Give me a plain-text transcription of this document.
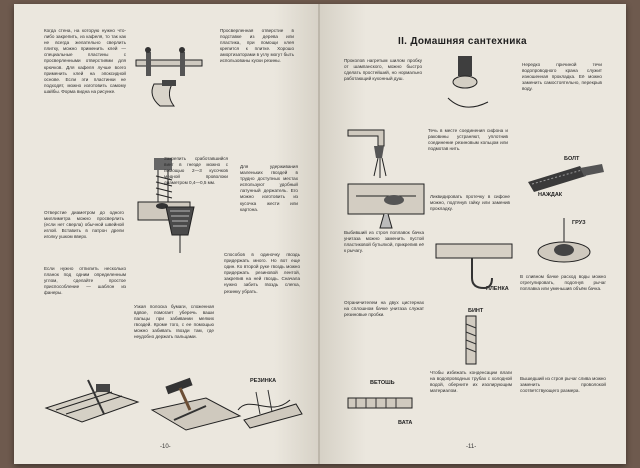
Когда стена, на которую нужно что-либо закрепить, из кафеля, то так как не всегда желательно сверлить плитку, можно применить клей — специальные пластины с просверленными отверстиями для крючков. Для кафеля лучше всего применить клей на эпоксидной основе. Если эти пластинки не подходят, можно изготовить самому шайбы. Форма видна на рисунке.

Просверленная отверстие в подставке из дерева или пластика, при помощи клея крепится к плитке. Хорошо амортизаторами в углу могут быть использованы куски резины.

Закрепить сработавшийся винт в гнезде можно с помощью 2—3 кусочков медной проволоки диаметром 0,4—0,5 мм.

Для удерживания маленьких гвоздей в трудно доступных местах используют удобный латунный держатель. Его можно изготовить из кусочка жести или картона.

Отверстие диаметром до одного миллиметра можно просверлить (если нет сверла) обычной швейной иглой. Вставить в патрон дрели иголку ушком вверх.

Способов в одиночку гвоздь придержать много. Но вот еще один. Ко второй руке гвоздь можно придержать резиновой лентой, закрепив на ней гвоздь. Сначала нужно забить гвоздь слегка, резинку убрать.

Если нужно отпилить несколько планок под одним определенным углом, сделайте простое приспособление — шаблон из фанеры.

Узкая полоска бумаги, сложенная вдвое, помогает уберечь ваши пальцы при забивании мелких гвоздей. Кроме того, с ее помощью можно забивать гвозди там, где неудобно держать пальцами.

РЕЗИНКА

-10-

II. Домашняя сантехника

Проколов нагретым шилом пробку от шампанского, можно быстро сделать простейший, но нормально работающий кухонный душ.

Нередко причиной течи водопроводного крана служит изношенная прокладка. Её можно заменить самостоятельно, перекрыв воду.

Течь в месте соединения сифона и раковины устраняют, уплотнив соединение резиновым кольцом или подмотав нить.

БОЛТ
НАЖДАК

Ликвидировать протечку в сифоне можно, подтянув гайку или заменив прокладку.

Выбивший из строя поплавок бачка унитаза можно заменить пустой пластиковой бутылкой, прикрепив её к рычагу.

ГРУЗ
ПЛЕНКА

В сливном бачке расход воды можно отрегулировать, подогнув рычаг поплавка или уменьшив объём бачка.

Ограничителем на двух цистернах на сплошном бачке унитаза служат резиновые пробки.

БИНТ

Чтобы избежать конденсации влаги на водопроводных трубах с холодной водой, оберните их изолирующим материалом.

ВЕТОШЬ
ВАТА

Вышедший из строя рычаг слива можно заменить проволокой соответствующего размера.

-11-
